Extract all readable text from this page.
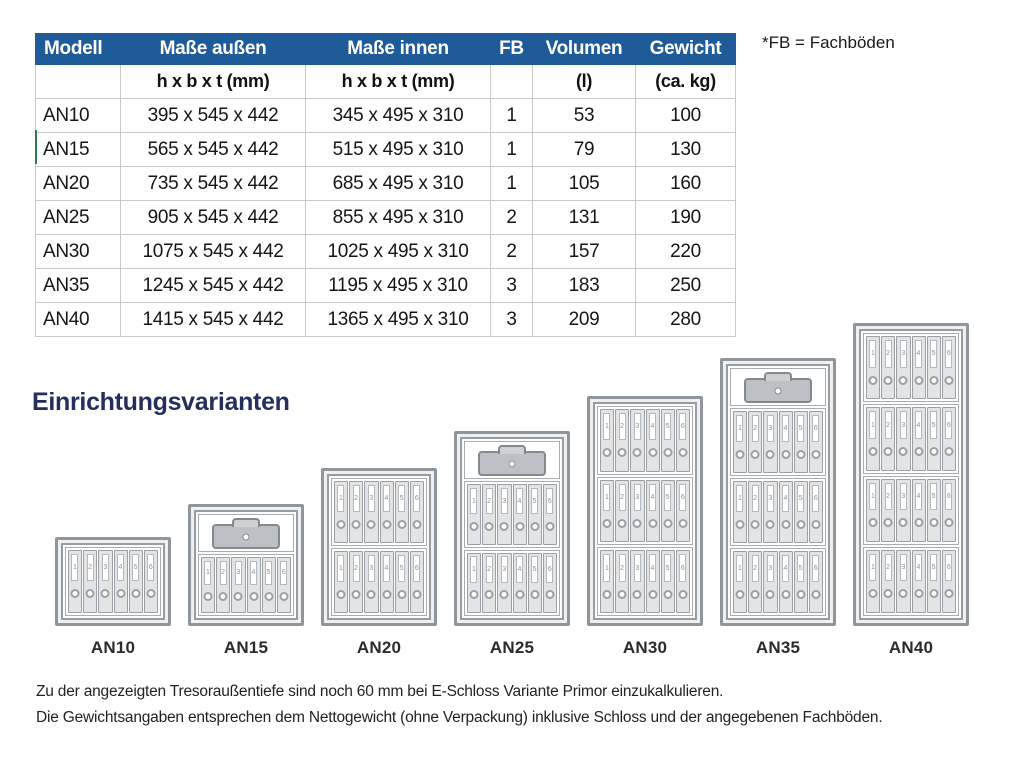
Modell	Maße außen	Maße innen	FB	Volumen	Gewicht
	h x b x t (mm)	h x b x t (mm)		(l)	(ca. kg)
AN10	395 x 545 x 442	345 x 495 x 310	1	53	100
AN15	565 x 545 x 442	515 x 495 x 310	1	79	130
AN20	735 x 545 x 442	685 x 495 x 310	1	105	160
AN25	905 x 545 x 442	855 x 495 x 310	2	131	190
AN30	1075 x 545 x 442	1025 x 495 x 310	2	157	220
AN35	1245 x 545 x 442	1195 x 495 x 310	3	183	250
AN40	1415 x 545 x 442	1365 x 495 x 310	3	209	280
*FB = Fachböden
Einrichtungsvarianten
1 2 3 4 5 6
AN10
1 2 3 4 5 6
AN15
1 2 3 4 5 6
1 2 3 4 5 6
AN20
1 2 3 4 5 6
1 2 3 4 5 6
AN25
1 2 3 4 5 6
1 2 3 4 5 6
1 2 3 4 5 6
AN30
1 2 3 4 5 6
1 2 3 4 5 6
1 2 3 4 5 6
AN35
1 2 3 4 5 6
1 2 3 4 5 6
1 2 3 4 5 6
1 2 3 4 5 6
AN40
Zu der angezeigten Tresoraußentiefe sind noch 60 mm bei E-Schloss Variante Primor einzukalkulieren.
Die Gewichtsangaben entsprechen dem Nettogewicht (ohne Verpackung) inklusive Schloss und der angegebenen Fachböden.
